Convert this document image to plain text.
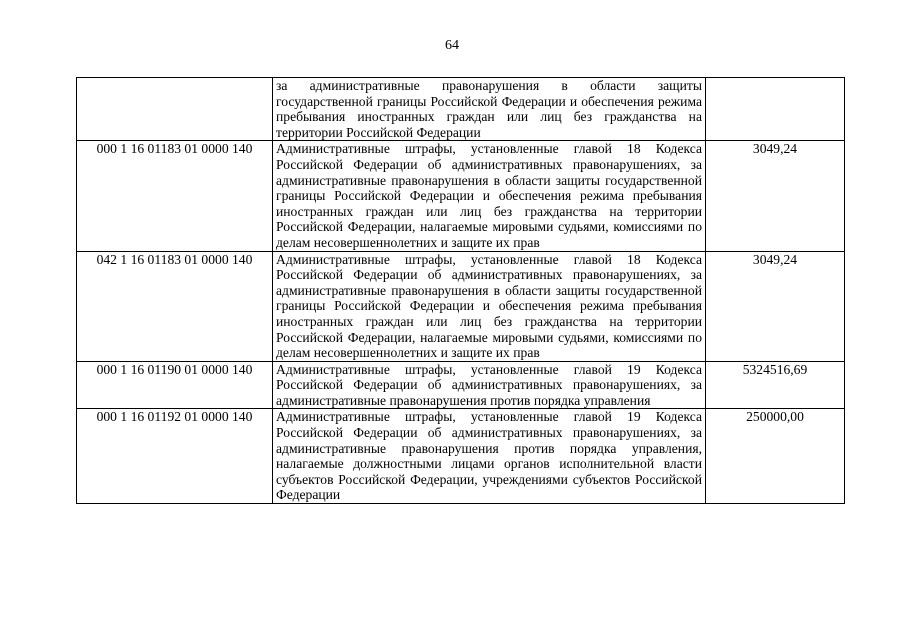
64
	за административные правонарушения в области защиты государственной границы Российской Федерации и обеспечения режима пребывания иностранных граждан или лиц без гражданства на территории Российской Федерации	
000 1 16 01183 01 0000 140	Административные штрафы, установленные главой 18 Кодекса Российской Федерации об административных правонарушениях, за административные правонарушения в области защиты государственной границы Российской Федерации и обеспечения режима пребывания иностранных граждан или лиц без гражданства на территории Российской Федерации, налагаемые мировыми судьями, комиссиями по делам несовершеннолетних и защите их прав	3049,24
042 1 16 01183 01 0000 140	Административные штрафы, установленные главой 18 Кодекса Российской Федерации об административных правонарушениях, за административные правонарушения в области защиты государственной границы Российской Федерации и обеспечения режима пребывания иностранных граждан или лиц без гражданства на территории Российской Федерации, налагаемые мировыми судьями, комиссиями по делам несовершеннолетних и защите их прав	3049,24
000 1 16 01190 01 0000 140	Административные штрафы, установленные главой 19 Кодекса Российской Федерации об административных правонарушениях, за административные правонарушения против порядка управления	5324516,69
000 1 16 01192 01 0000 140	Административные штрафы, установленные главой 19 Кодекса Российской Федерации об административных правонарушениях, за административные правонарушения против порядка управления, налагаемые должностными лицами органов исполнительной власти субъектов Российской Федерации, учреждениями субъектов Российской Федерации	250000,00
